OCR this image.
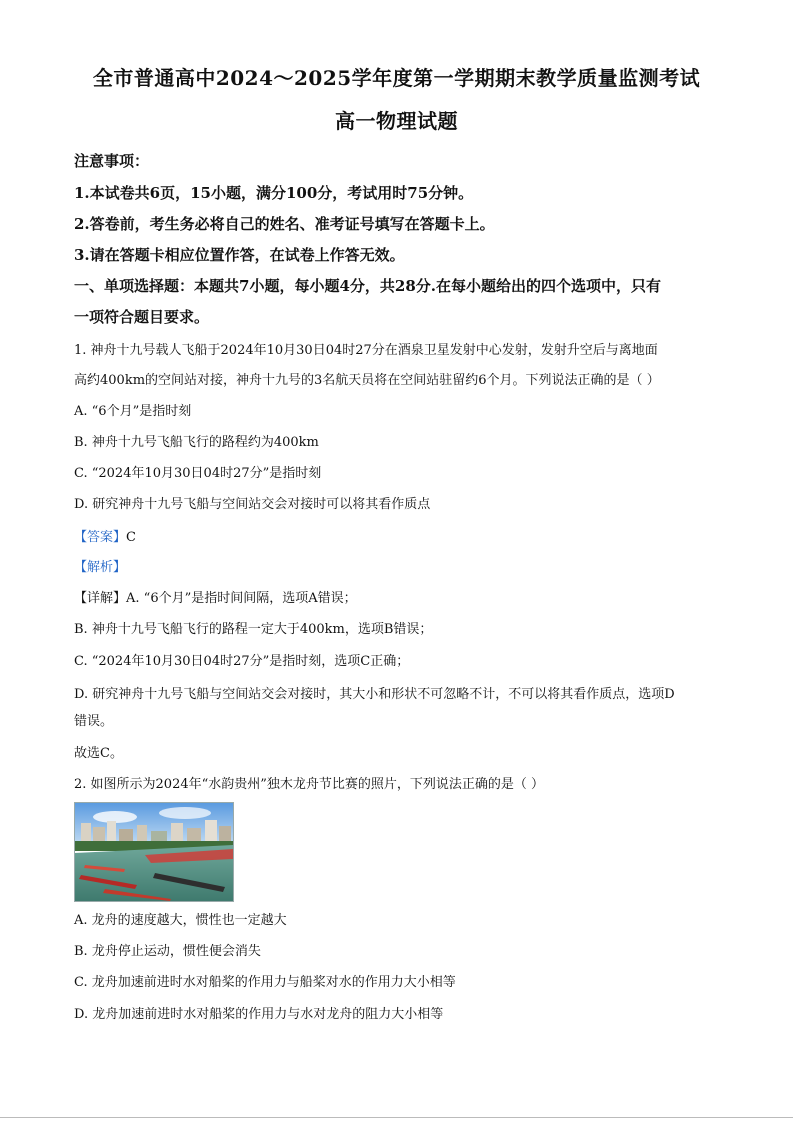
全市普通高中2024～2025学年度第一学期期末教学质量监测考试
高一物理试题
注意事项：
1.本试卷共6页，15小题，满分100分，考试用时75分钟。
2.答卷前，考生务必将自己的姓名、准考证号填写在答题卡上。
3.请在答题卡相应位置作答，在试卷上作答无效。
一、单项选择题：本题共7小题，每小题4分，共28分.在每小题给出的四个选项中，只有
一项符合题目要求。
1. 神舟十九号载人飞船于2024年10月30日04时27分在酒泉卫星发射中心发射，发射升空后与离地面
高约400km的空间站对接，神舟十九号的3名航天员将在空间站驻留约6个月。下列说法正确的是（ ）
A. “6个月”是指时刻
B. 神舟十九号飞船飞行的路程约为400km
C. “2024年10月30日04时27分”是指时刻
D. 研究神舟十九号飞船与空间站交会对接时可以将其看作质点
【答案】C
【解析】
【详解】A. “6个月”是指时间间隔，选项A错误；
B. 神舟十九号飞船飞行的路程一定大于400km，选项B错误；
C. “2024年10月30日04时27分”是指时刻，选项C正确；
D. 研究神舟十九号飞船与空间站交会对接时，其大小和形状不可忽略不计，不可以将其看作质点，选项D
错误。
故选C。
2. 如图所示为2024年“水韵贵州”独木龙舟节比赛的照片，下列说法正确的是（ ）
A. 龙舟的速度越大，惯性也一定越大
B. 龙舟停止运动，惯性便会消失
C. 龙舟加速前进时水对船桨的作用力与船桨对水的作用力大小相等
D. 龙舟加速前进时水对船桨的作用力与水对龙舟的阻力大小相等
